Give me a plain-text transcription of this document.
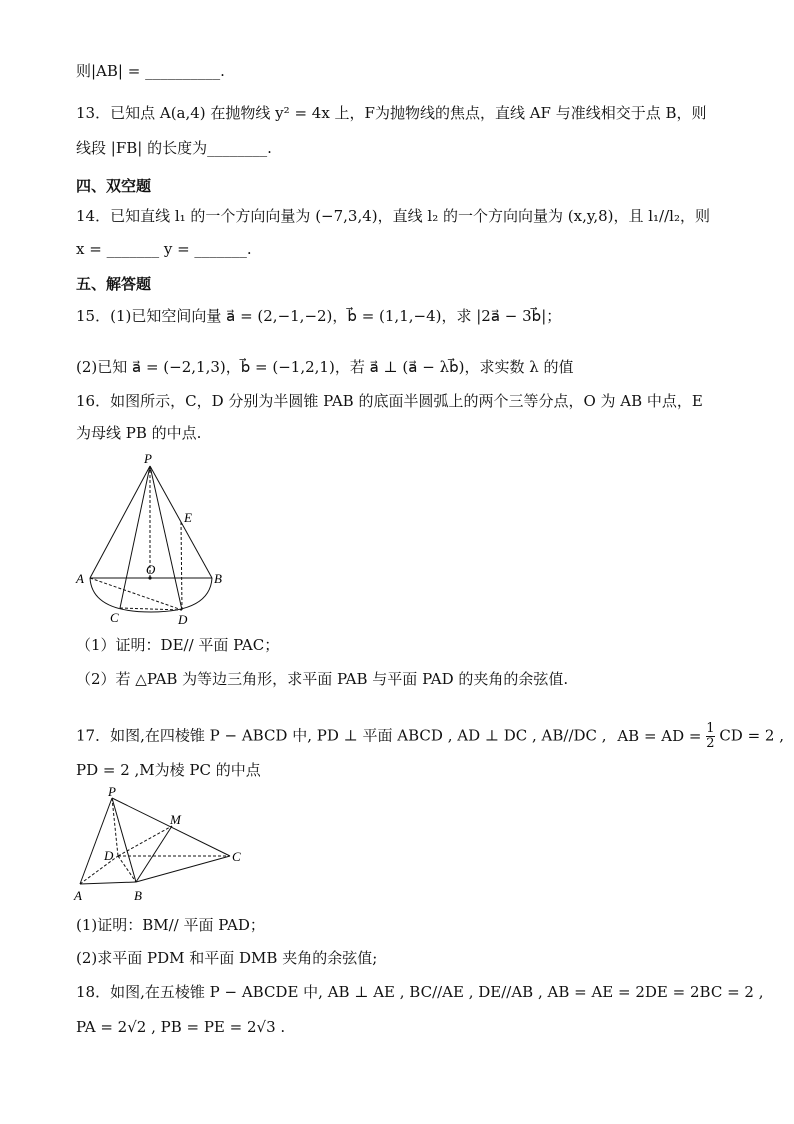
则|AB| = __________.
13．已知点 A(a,4) 在抛物线 y² = 4x 上，F为抛物线的焦点，直线 AF 与准线相交于点 B，则
线段 |FB| 的长度为________.
四、双空题
14．已知直线 l₁ 的一个方向向量为 (−7,3,4)，直线 l₂ 的一个方向向量为 (x,y,8)，且 l₁//l₂，则
x = _______ y = _______.
五、解答题
15．(1)已知空间向量 a⃗ = (2,−1,−2)，b⃗ = (1,1,−4)，求 |2a⃗ − 3b⃗|；
(2)已知 a⃗ = (−2,1,3)，b⃗ = (−1,2,1)，若 a⃗ ⊥ (a⃗ − λb⃗)，求实数 λ 的值
16．如图所示，C，D 分别为半圆锥 PAB 的底面半圆弧上的两个三等分点，O 为 AB 中点，E
为母线 PB 的中点.
P
E
O
A	B
C	D
（1）证明：DE// 平面 PAC；
（2）若 △PAB 为等边三角形，求平面 PAB 与平面 PAD 的夹角的余弦值.
17．如图,在四棱锥 P − ABCD 中, PD ⊥ 平面 ABCD , AD ⊥ DC , AB//DC , AB = AD = $\frac{1}{2}$ CD = 2 ,
PD = 2 ,M为棱 PC 的中点
P
M
D	C
A	B
(1)证明：BM// 平面 PAD；
(2)求平面 PDM 和平面 DMB 夹角的余弦值;
18．如图,在五棱锥 P − ABCDE 中, AB ⊥ AE , BC//AE , DE//AB , AB = AE = 2DE = 2BC = 2 ,
PA = 2√2 , PB = PE = 2√3 .
